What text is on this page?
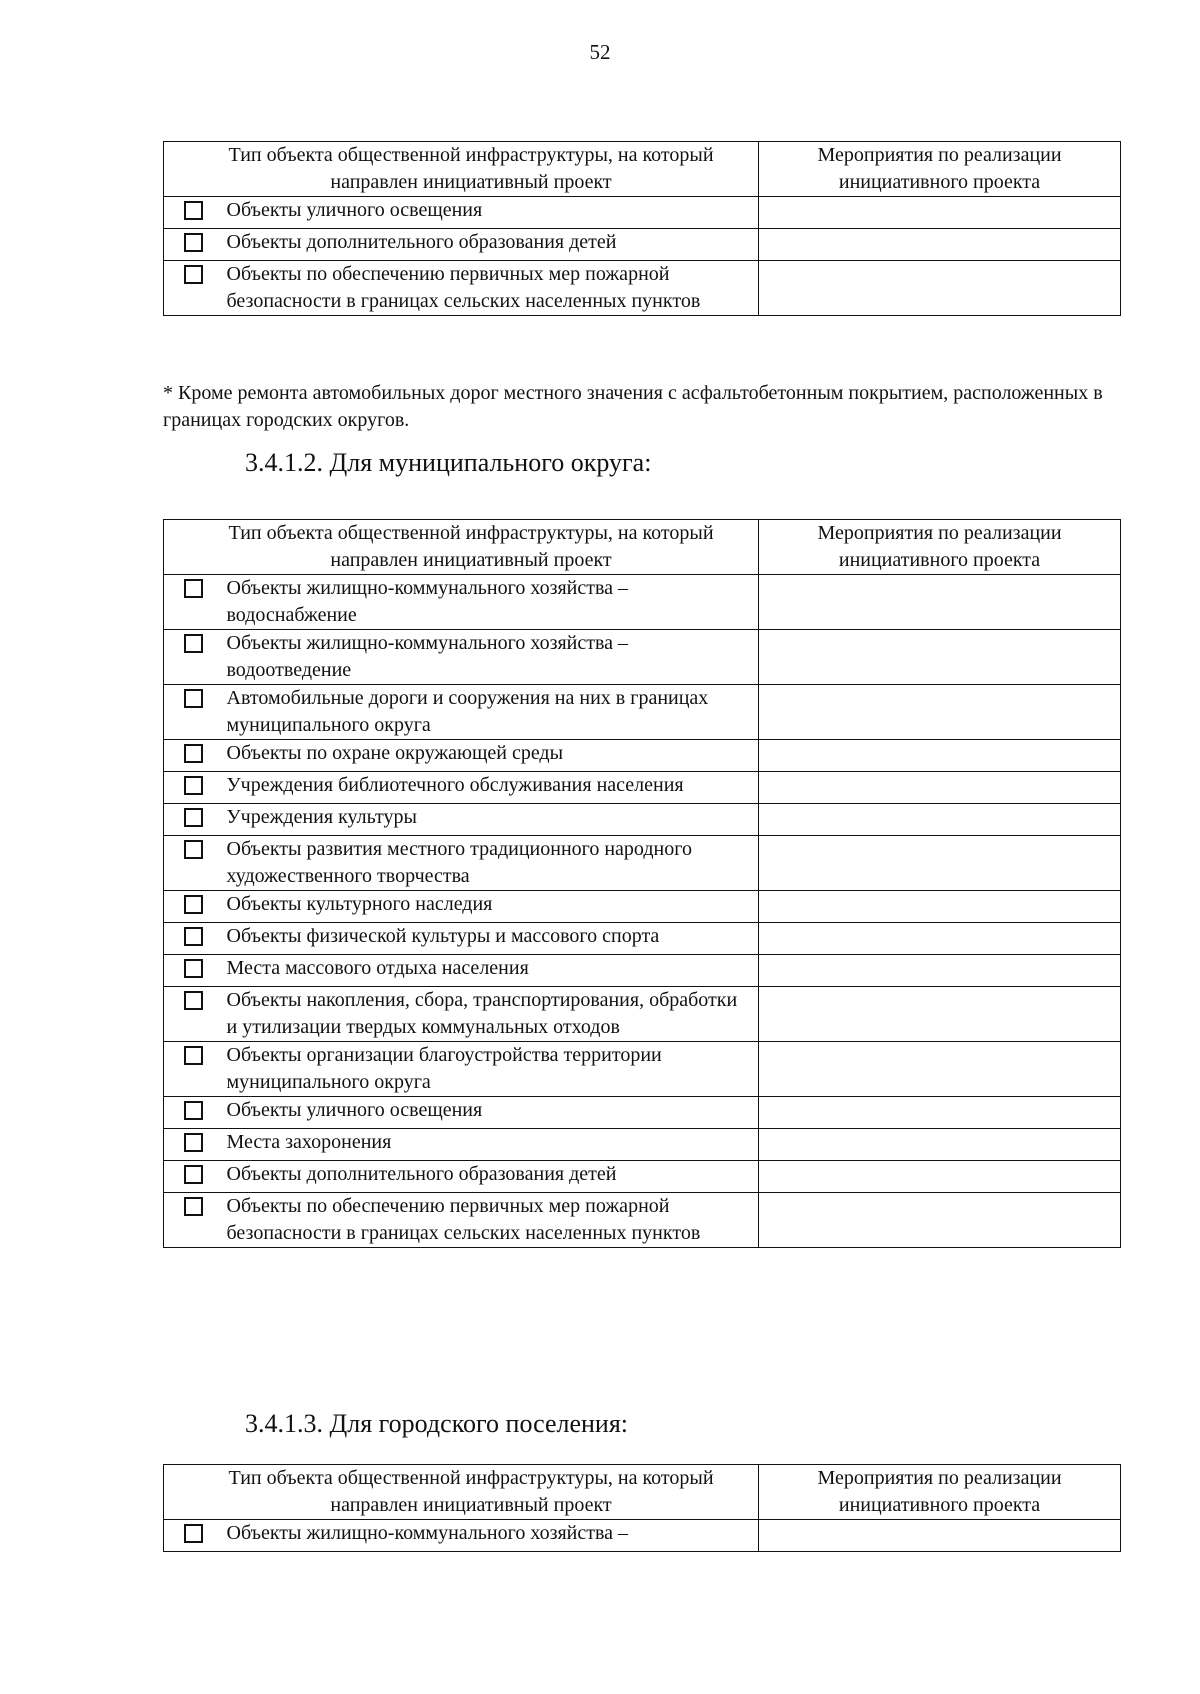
52
Тип объекта общественной инфраструктуры, на который направлен инициативный проект		Мероприятия по реализации инициативного проекта
	Объекты уличного освещения	
	Объекты дополнительного образования детей	
	Объекты по обеспечению первичных мер пожарной безопасности в границах сельских населенных пунктов	
* Кроме ремонта автомобильных дорог местного значения с асфальтобетонным покрытием, расположенных в границах городских округов.
3.4.1.2. Для муниципального округа:
Тип объекта общественной инфраструктуры, на который направлен инициативный проект		Мероприятия по реализации инициативного проекта
	Объекты жилищно-коммунального хозяйства – водоснабжение	
	Объекты жилищно-коммунального хозяйства – водоотведение	
	Автомобильные дороги и сооружения на них в границах муниципального округа	
	Объекты по охране окружающей среды	
	Учреждения библиотечного обслуживания населения	
	Учреждения культуры	
	Объекты развития местного традиционного народного художественного творчества	
	Объекты культурного наследия	
	Объекты физической культуры и массового спорта	
	Места массового отдыха населения	
	Объекты накопления, сбора, транспортирования, обработки и утилизации твердых коммунальных отходов	
	Объекты организации благоустройства территории муниципального округа	
	Объекты уличного освещения	
	Места захоронения	
	Объекты дополнительного образования детей	
	Объекты по обеспечению первичных мер пожарной безопасности в границах сельских населенных пунктов	
3.4.1.3. Для городского поселения:
Тип объекта общественной инфраструктуры, на который направлен инициативный проект		Мероприятия по реализации инициативного проекта
	Объекты жилищно-коммунального хозяйства –	
